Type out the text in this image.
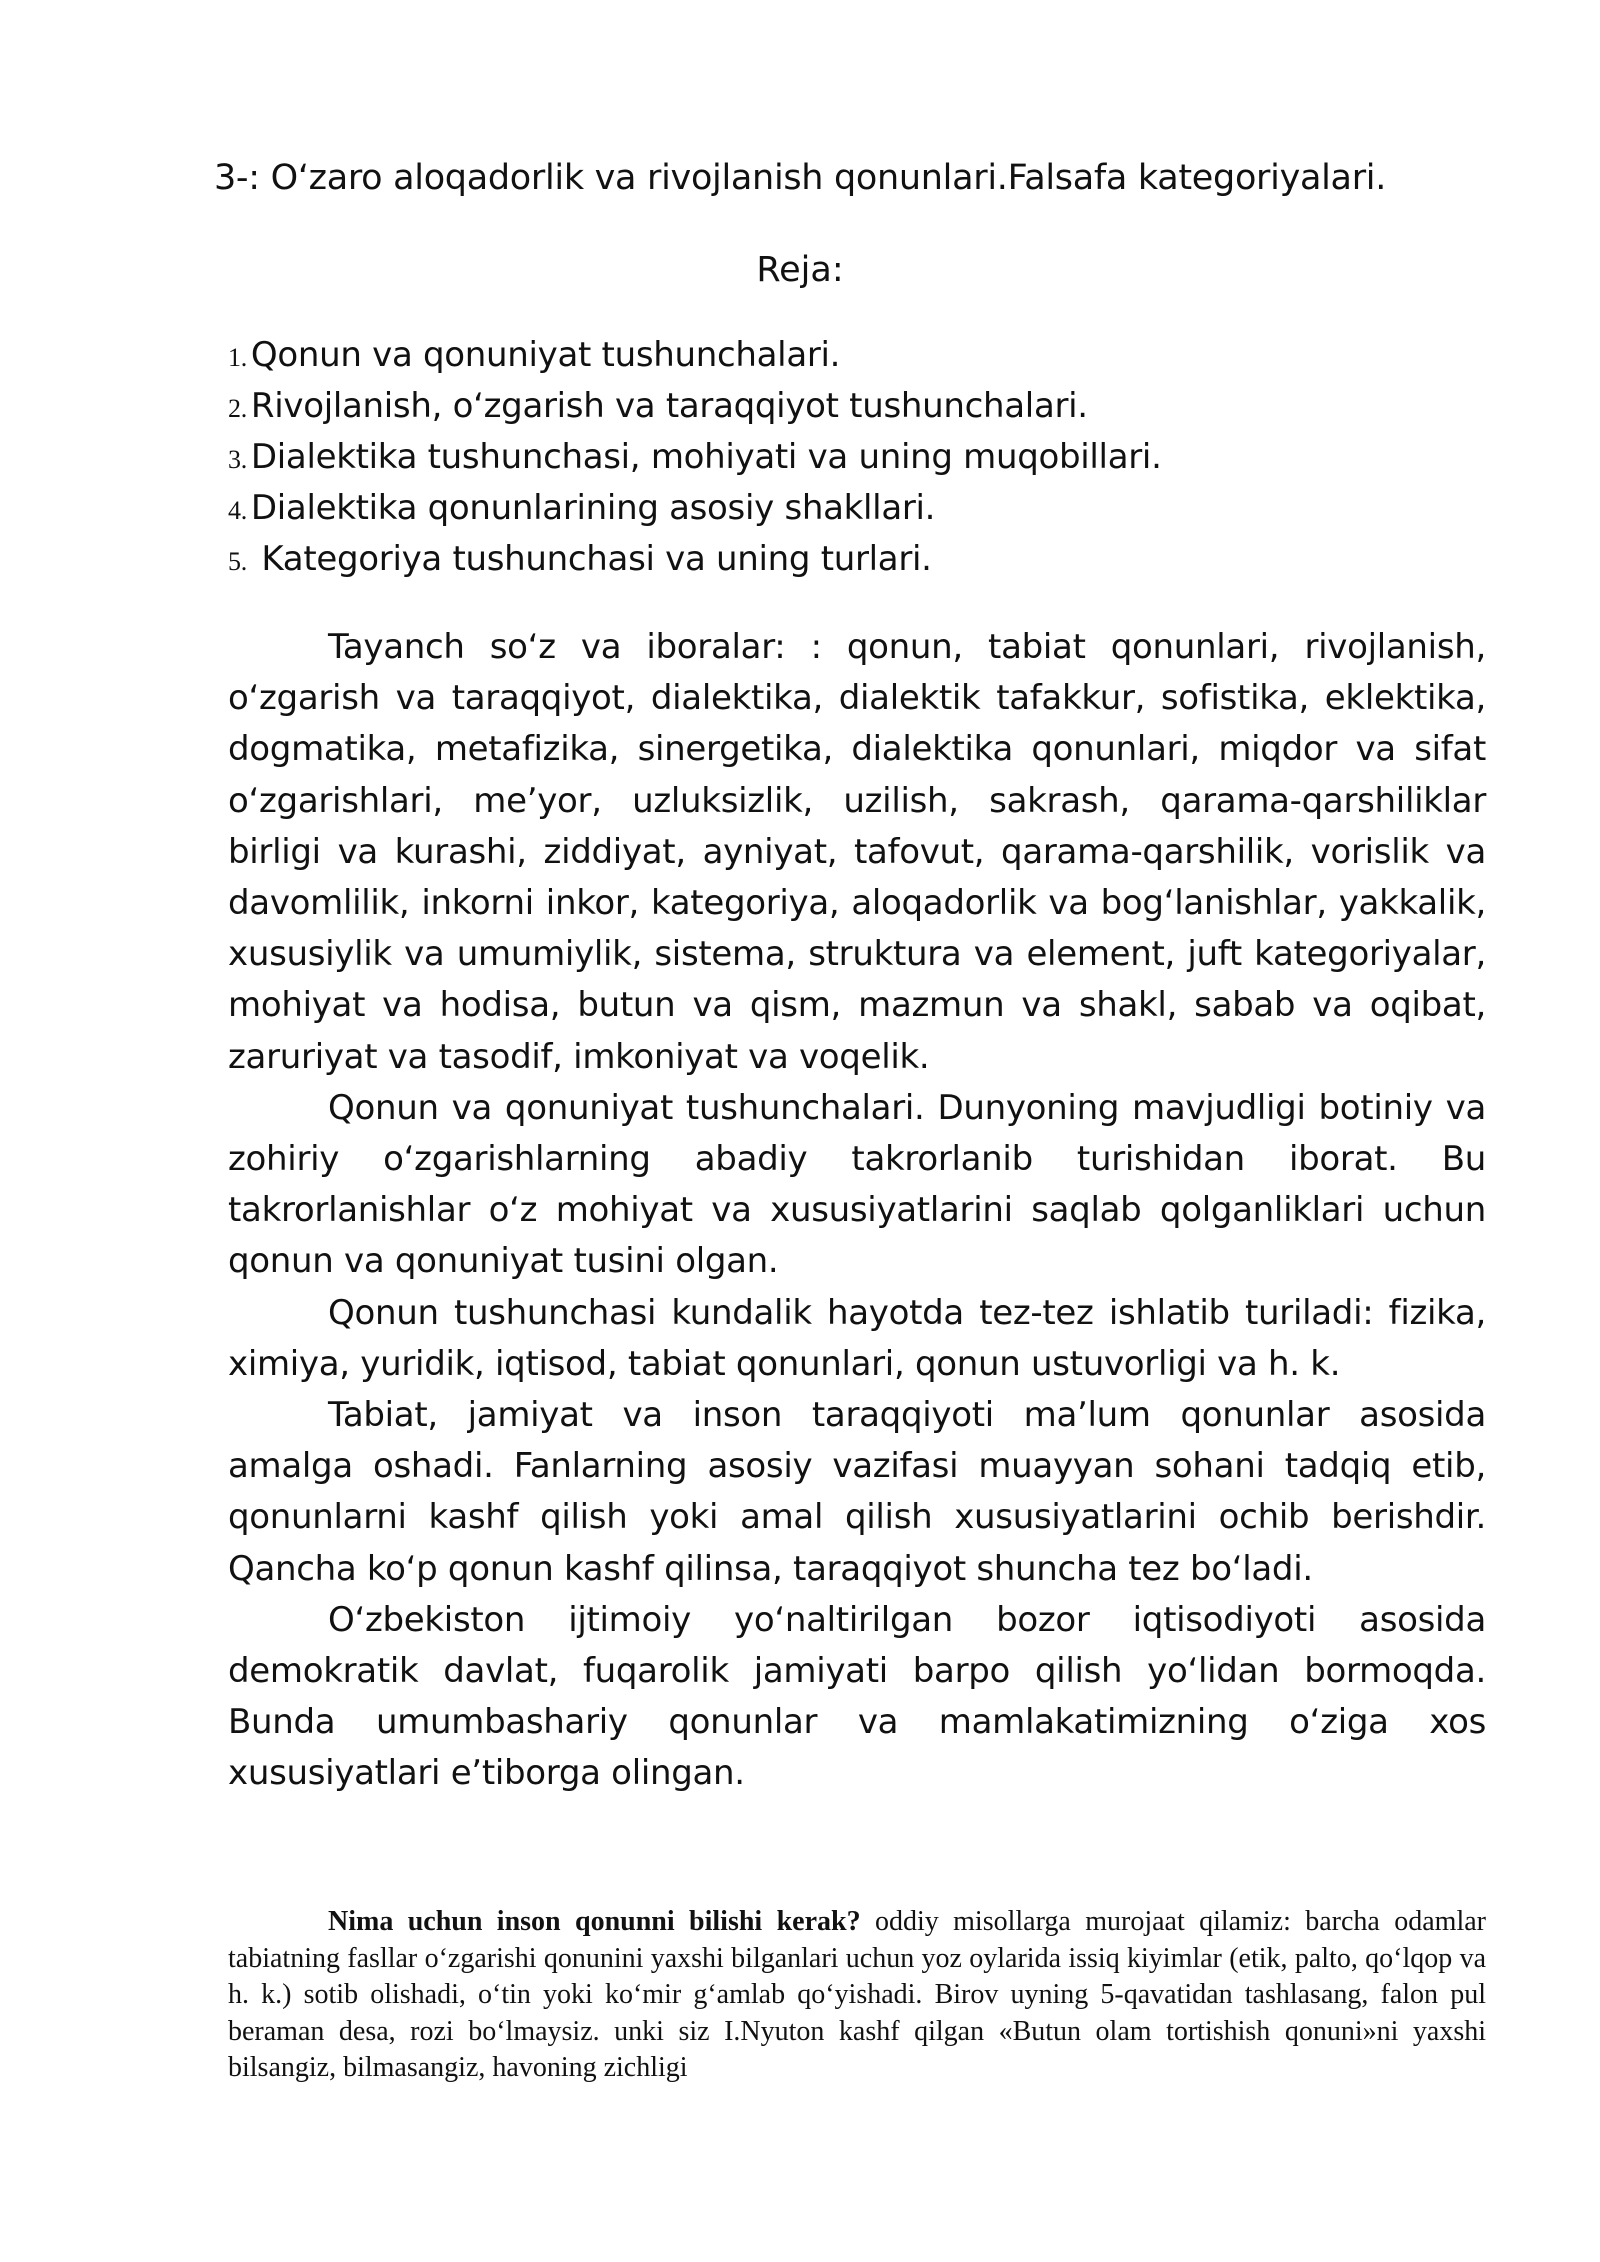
3-: O‘zaro aloqadorlik va rivojlanish qonunlari.Falsafa kategoriyalari.
Reja:
1. Qonun va qonuniyat tushunchalari.
2. Rivojlanish, o‘zgarish va taraqqiyot tushunchalari.
3. Dialektika tushunchasi, mohiyati va uning muqobillari.
4. Dialektika qonunlarining asosiy shakllari.
5. Kategoriya tushunchasi va uning turlari.

Tayanch so‘z va iboralar: : qonun, tabiat qonunlari, rivojlanish, o‘zgarish va taraqqiyot, dialektika, dialektik tafakkur, sofistika, eklektika, dogmatika, metafizika, sinergetika, dialektika qonunlari, miqdor va sifat o‘zgarishlari, me’yor, uzluksizlik, uzilish, sakrash, qarama-qarshiliklar birligi va kurashi, ziddiyat, ayniyat, tafovut, qarama-qarshilik, vorislik va davomlilik, inkorni inkor, kategoriya, aloqadorlik va bog‘lanishlar, yakkalik, xususiylik va umumiylik, sistema, struktura va element, juft kategoriyalar, mohiyat va hodisa, butun va qism, mazmun va shakl, sabab va oqibat, zaruriyat va tasodif, imkoniyat va voqelik.

Qonun va qonuniyat tushunchalari. Dunyoning mavjudligi botiniy va zohiriy o‘zgarishlarning abadiy takrorlanib turishidan iborat. Bu takrorlanishlar o‘z mohiyat va xususiyatlarini saqlab qolganliklari uchun qonun va qonuniyat tusini olgan.

Qonun tushunchasi kundalik hayotda tez-tez ishlatib turiladi: fizika, ximiya, yuridik, iqtisod, tabiat qonunlari, qonun ustuvorligi va h. k.

Tabiat, jamiyat va inson taraqqiyoti ma’lum qonunlar asosida amalga oshadi. Fanlarning asosiy vazifasi muayyan sohani tadqiq etib, qonunlarni kashf qilish yoki amal qilish xususiyatlarini ochib berishdir. Qancha ko‘p qonun kashf qilinsa, taraqqiyot shuncha tez bo‘ladi.

O‘zbekiston ijtimoiy yo‘naltirilgan bozor iqtisodiyoti asosida demokratik davlat, fuqarolik jamiyati barpo qilish yo‘lidan bormoqda. Bunda umumbashariy qonunlar va mamlakatimizning o‘ziga xos xususiyatlari e’tiborga olingan.

Nima uchun inson qonunni bilishi kerak? oddiy misollarga murojaat qilamiz: barcha odamlar tabiatning fasllar o‘zgarishi qonunini yaxshi bilganlari uchun yoz oylarida issiq kiyimlar (etik, palto, qo‘lqop va h. k.) sotib olishadi, o‘tin yoki ko‘mir g‘amlab qo‘yishadi. Birov uyning 5-qavatidan tashlasang, falon pul beraman desa, rozi bo‘lmaysiz. unki siz I.Nyuton kashf qilgan «Butun olam tortishish qonuni»ni yaxshi bilsangiz, bilmasangiz, havoning zichligi
